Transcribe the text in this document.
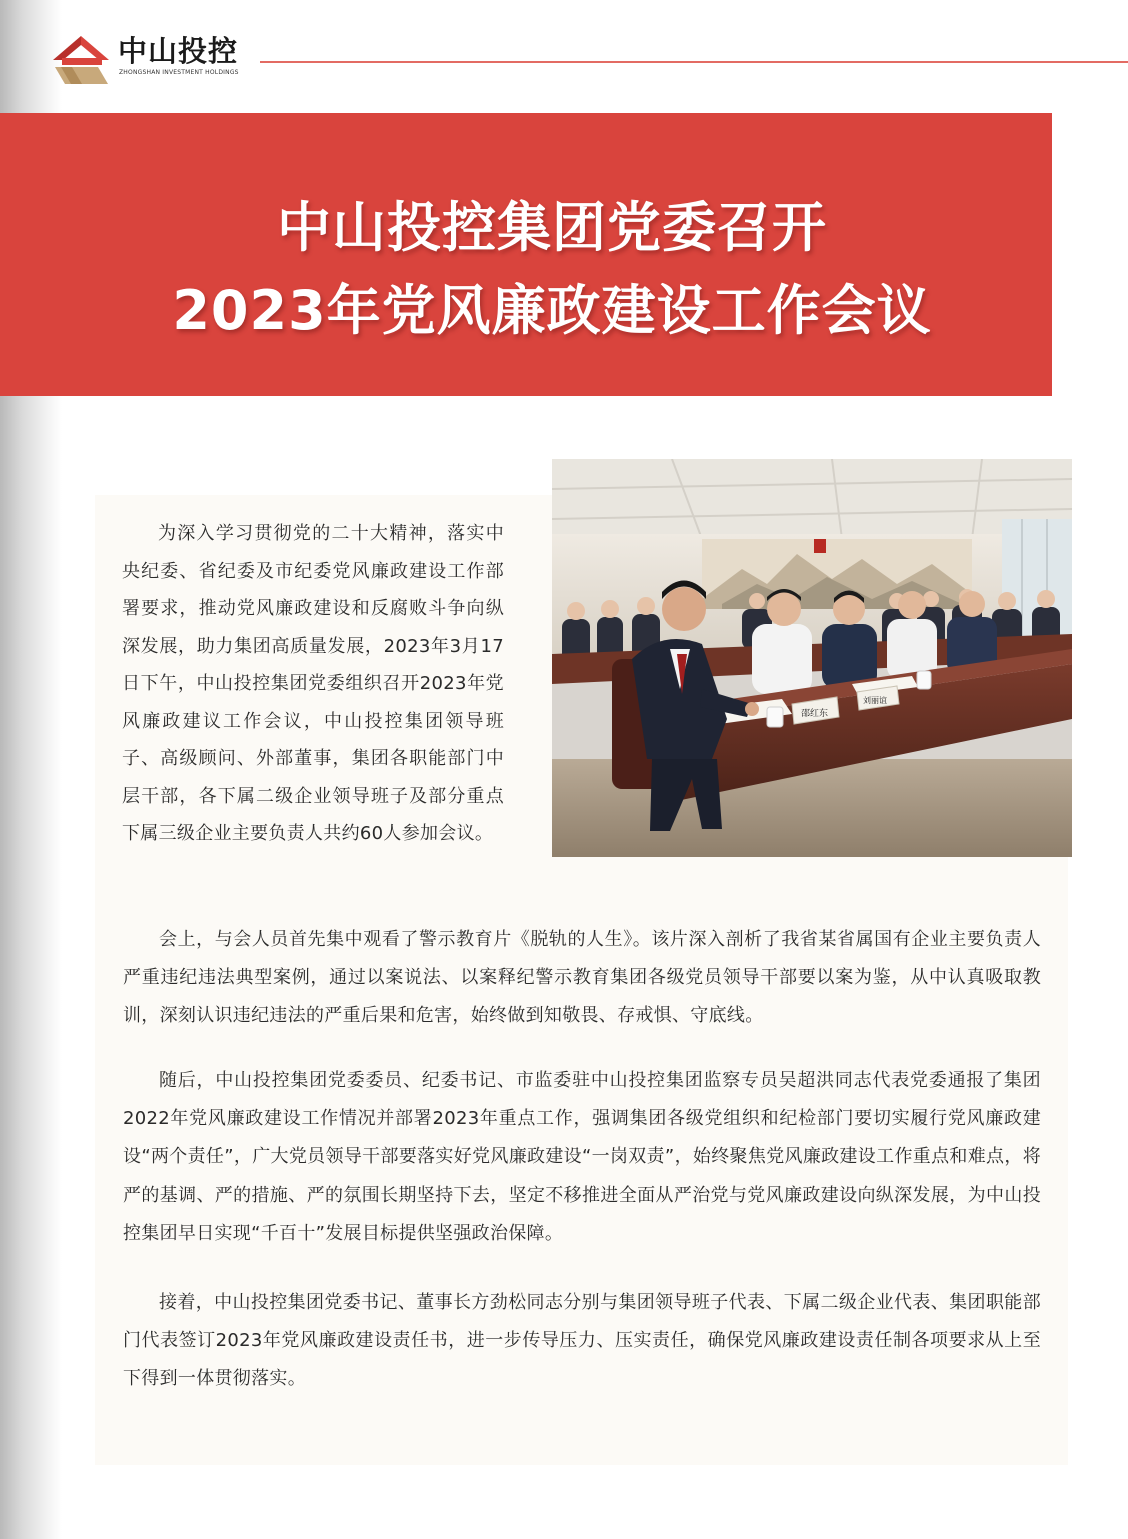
中山投控

ZHONGSHAN INVESTMENT HOLDINGS

中山投控集团党委召开
2023年党风廉政建设工作会议
邵红东
刘丽谊

为深入学习贯彻党的二十大精神，落实中央纪委、省纪委及市纪委党风廉政建设工作部署要求，推动党风廉政建设和反腐败斗争向纵深发展，助力集团高质量发展，2023年3月17日下午，中山投控集团党委组织召开2023年党风廉政建议工作会议，中山投控集团领导班子、高级顾问、外部董事，集团各职能部门中层干部，各下属二级企业领导班子及部分重点下属三级企业主要负责人共约60人参加会议。

会上，与会人员首先集中观看了警示教育片《脱轨的人生》。该片深入剖析了我省某省属国有企业主要负责人严重违纪违法典型案例，通过以案说法、以案释纪警示教育集团各级党员领导干部要以案为鉴，从中认真吸取教训，深刻认识违纪违法的严重后果和危害，始终做到知敬畏、存戒惧、守底线。

随后，中山投控集团党委委员、纪委书记、市监委驻中山投控集团监察专员吴超洪同志代表党委通报了集团2022年党风廉政建设工作情况并部署2023年重点工作，强调集团各级党组织和纪检部门要切实履行党风廉政建设“两个责任”，广大党员领导干部要落实好党风廉政建设“一岗双责”，始终聚焦党风廉政建设工作重点和难点，将严的基调、严的措施、严的氛围长期坚持下去，坚定不移推进全面从严治党与党风廉政建设向纵深发展，为中山投控集团早日实现“千百十”发展目标提供坚强政治保障。

接着，中山投控集团党委书记、董事长方劲松同志分别与集团领导班子代表、下属二级企业代表、集团职能部门代表签订2023年党风廉政建设责任书，进一步传导压力、压实责任，确保党风廉政建设责任制各项要求从上至下得到一体贯彻落实。
